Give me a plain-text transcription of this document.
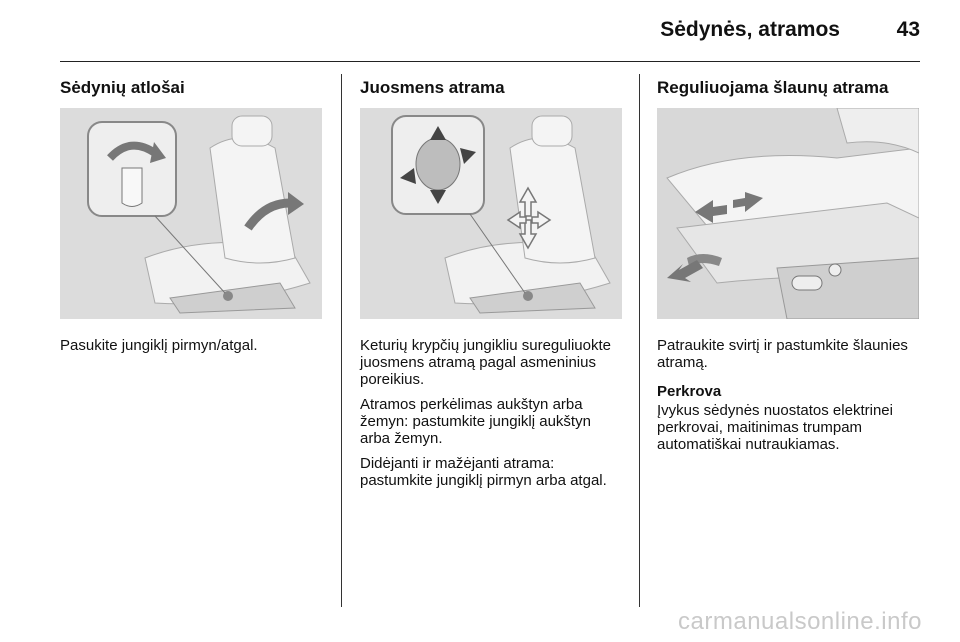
Sėdynės, atramos	43
Sėdynių atlošai

Pasukite jungiklį pirmyn/atgal.

Juosmens atrama

Keturių krypčių jungikliu sureguliuokte juosmens atramą pagal asmeninius poreikius.

Atramos perkėlimas aukštyn arba žemyn: pastumkite jungiklį aukštyn arba žemyn.

Didėjanti ir mažėjanti atrama: pastumkite jungiklį pirmyn arba atgal.

Reguliuojama šlaunų atrama

Patraukite svirtį ir pastumkite šlaunies atramą.

Perkrova

Įvykus sėdynės nuostatos elektrinei perkrovai, maitinimas trumpam automatiškai nutraukiamas.

carmanualsonline.info
